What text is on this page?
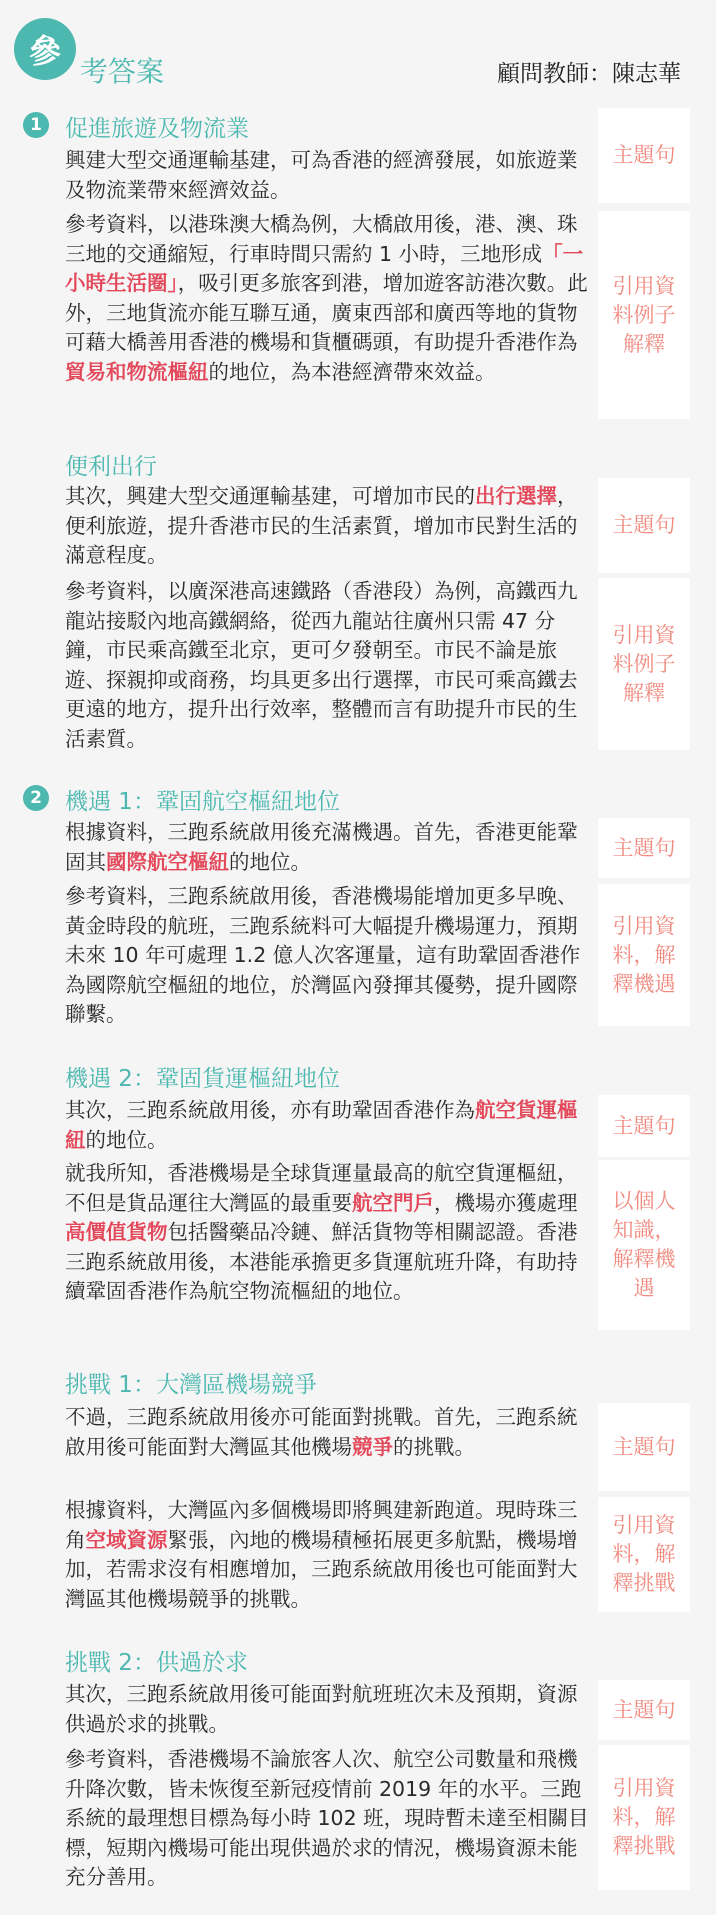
參
考答案	顧問教師：陳志華
1	促進旅遊及物流業
興建大型交通運輸基建，可為香港的經濟發展，如旅遊業及物流業帶來經濟效益。
主題句
參考資料，以港珠澳大橋為例，大橋啟用後，港、澳、珠三地的交通縮短，行車時間只需約 1 小時，三地形成「一小時生活圈」，吸引更多旅客到港，增加遊客訪港次數。此外，三地貨流亦能互聯互通，廣東西部和廣西等地的貨物可藉大橋善用香港的機場和貨櫃碼頭，有助提升香港作為貿易和物流樞紐的地位，為本港經濟帶來效益。
引用資料例子解釋
便利出行
其次，興建大型交通運輸基建，可增加市民的出行選擇，便利旅遊，提升香港市民的生活素質，增加市民對生活的滿意程度。
主題句
參考資料，以廣深港高速鐵路（香港段）為例，高鐵西九龍站接駁內地高鐵網絡，從西九龍站往廣州只需 47 分鐘，市民乘高鐵至北京，更可夕發朝至。市民不論是旅遊、探親抑或商務，均具更多出行選擇，市民可乘高鐵去更遠的地方，提升出行效率，整體而言有助提升市民的生活素質。
引用資料例子解釋
2	機遇 1：鞏固航空樞紐地位
根據資料，三跑系統啟用後充滿機遇。首先，香港更能鞏固其國際航空樞紐的地位。
主題句
參考資料，三跑系統啟用後，香港機場能增加更多早晚、黃金時段的航班，三跑系統料可大幅提升機場運力，預期未來 10 年可處理 1.2 億人次客運量，這有助鞏固香港作為國際航空樞紐的地位，於灣區內發揮其優勢，提升國際聯繫。
引用資料，解釋機遇
機遇 2：鞏固貨運樞紐地位
其次，三跑系統啟用後，亦有助鞏固香港作為航空貨運樞紐的地位。
主題句
就我所知，香港機場是全球貨運量最高的航空貨運樞紐，不但是貨品運往大灣區的最重要航空門戶，機場亦獲處理高價值貨物包括醫藥品冷鏈、鮮活貨物等相關認證。香港三跑系統啟用後，本港能承擔更多貨運航班升降，有助持續鞏固香港作為航空物流樞紐的地位。
以個人知識，解釋機遇
挑戰 1：大灣區機場競爭
不過，三跑系統啟用後亦可能面對挑戰。首先，三跑系統啟用後可能面對大灣區其他機場競爭的挑戰。	主題句
根據資料，大灣區內多個機場即將興建新跑道。現時珠三角空域資源緊張，內地的機場積極拓展更多航點，機場增加，若需求沒有相應增加，三跑系統啟用後也可能面對大灣區其他機場競爭的挑戰。
引用資料，解釋挑戰
挑戰 2：供過於求
其次，三跑系統啟用後可能面對航班班次未及預期，資源供過於求的挑戰。
主題句
參考資料，香港機場不論旅客人次、航空公司數量和飛機升降次數，皆未恢復至新冠疫情前 2019 年的水平。三跑系統的最理想目標為每小時 102 班，現時暫未達至相關目標，短期內機場可能出現供過於求的情況，機場資源未能充分善用。
引用資料，解釋挑戰
